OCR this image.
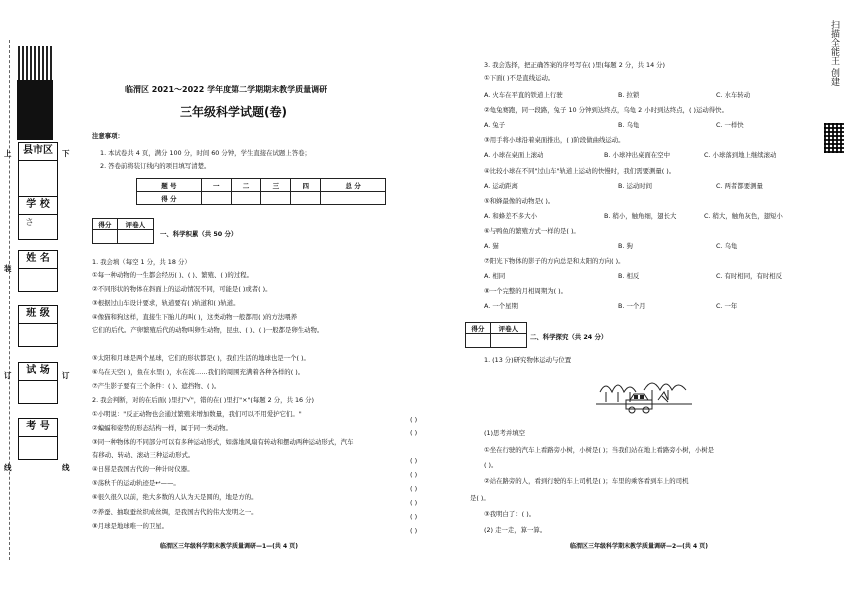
上	下
装
订	订
线	线
县市区
学 校
さ
姓 名
班 级
试 场
考 号
临渭区 2021～2022 学年度第二学期期末教学质量调研
三年级科学试题(卷)
注意事项：
1. 本试卷共 4 页，满分 100 分，时间 60 分钟，学生直接在试题上答卷；
2. 答卷前将装订线内的项目填写清楚。
题 号	一	二	三	四	总 分
得 分					
得分	评卷人

一、科学积累（共 50 分）
1. 我会填（每空 1 分，共 18 分）
①每一种动物的一生都会经历( )、( )、繁殖、( )的过程。
②不同形状的物体在斜面上的运动情况不同，可能是( )或者( )。
③根据过山车设计要求，轨道要有( )轨道和( )轨道。
④像猫和狗这样，直接生下胎儿的叫( )，这类动物一般都用( )的方法喂养
它们的后代。产卵繁殖后代的动物叫卵生动物，昆虫、( )、( )一般都是卵生动物。
⑤太阳和月球是两个星球，它们的形状都是( )，我们生活的地球也是一个( )。
⑥鸟在天空( )，鱼在水里( )，水在流……我们的周围充满着各种各样的( )。
⑦产生影子要有三个条件：( )、遮挡物、( )。
2. 我会判断，对的在后面( )里打"√"，错的在( )里打"×"(每题 2 分，共 16 分)
①小明说："反正动物也会通过繁殖来增加数量，我们可以不用爱护它们。"
②蝙蝠和姿势的形态结构一样，属于同一类动物。
③同一种物体的不同部分可以有多种运动形式，如落地风扇有转动和摆动两种运动形式，汽车
有移动、转动、滚动三种运动形式。
④日晷是我国古代的一种计时仪器。
⑤荡秋千的运动轨迹是↩——。
⑥很久很久以前，绝大多数的人认为天是圆的，地是方的。
⑦养蚕、抽取蚕丝织成丝绸，是我国古代的伟大发明之一。
⑧月球是地球唯一的卫星。
( )
( )
( )
( )
( )
( )
( )
( )
临渭区三年级科学期末教学质量调研—1—(共 4 页)
3. 我会选择，把正确答案的序号写在( )里(每题 2 分，共 14 分)
①下面( )不是直线运动。
A. 火车在平直的铁道上行驶	B. 拉锁	C. 水车转动
②龟兔赛跑，同一段路，兔子 10 分钟到达终点，乌龟 2 小时到达终点，( )运动得快。
A. 兔子	B. 乌龟	C. 一样快
③用手将小球沿着桌面推出，( )阶段做曲线运动。
A. 小球在桌面上滚动	B. 小球冲出桌面在空中	C. 小球落到地上继续滚动
④比较小球在不同"过山车"轨道上运动的快慢时，我们需要测量( )。
A. 运动距离	B. 运动时间	C. 两者都要测量
⑤和蜂最像的动物是( )。
A. 和蜂差不多大小	B. 稍小，触角细，翅长大	C. 稍大，触角灰色，翅短小
⑥与鸭鱼的繁殖方式一样的是( )。
A. 猫	B. 狗	C. 乌龟
⑦阳光下物体的影子的方向总是和太阳的方向( )。
A. 相同	B. 相反	C. 有时相同，有时相反
⑧一个完整的月相周期为( )。
A. 一个星期	B. 一个月	C. 一年
得分	评卷人

二、科学探究（共 24 分）
1. (13 分)研究物体运动与位置
(1)思考并填空
①坐在行驶的汽车上看路旁小树，小树是( )；当我们站在地上看路旁小树，小树是
( )。
②站在路旁的人，看到行驶的车上司机是( )；车里的乘客看到车上的司机
是( )。
③我明白了：( )。
(2) 走一走，算一算。
临渭区三年级科学期末教学质量调研—2—(共 4 页)
扫描全能王 创建
